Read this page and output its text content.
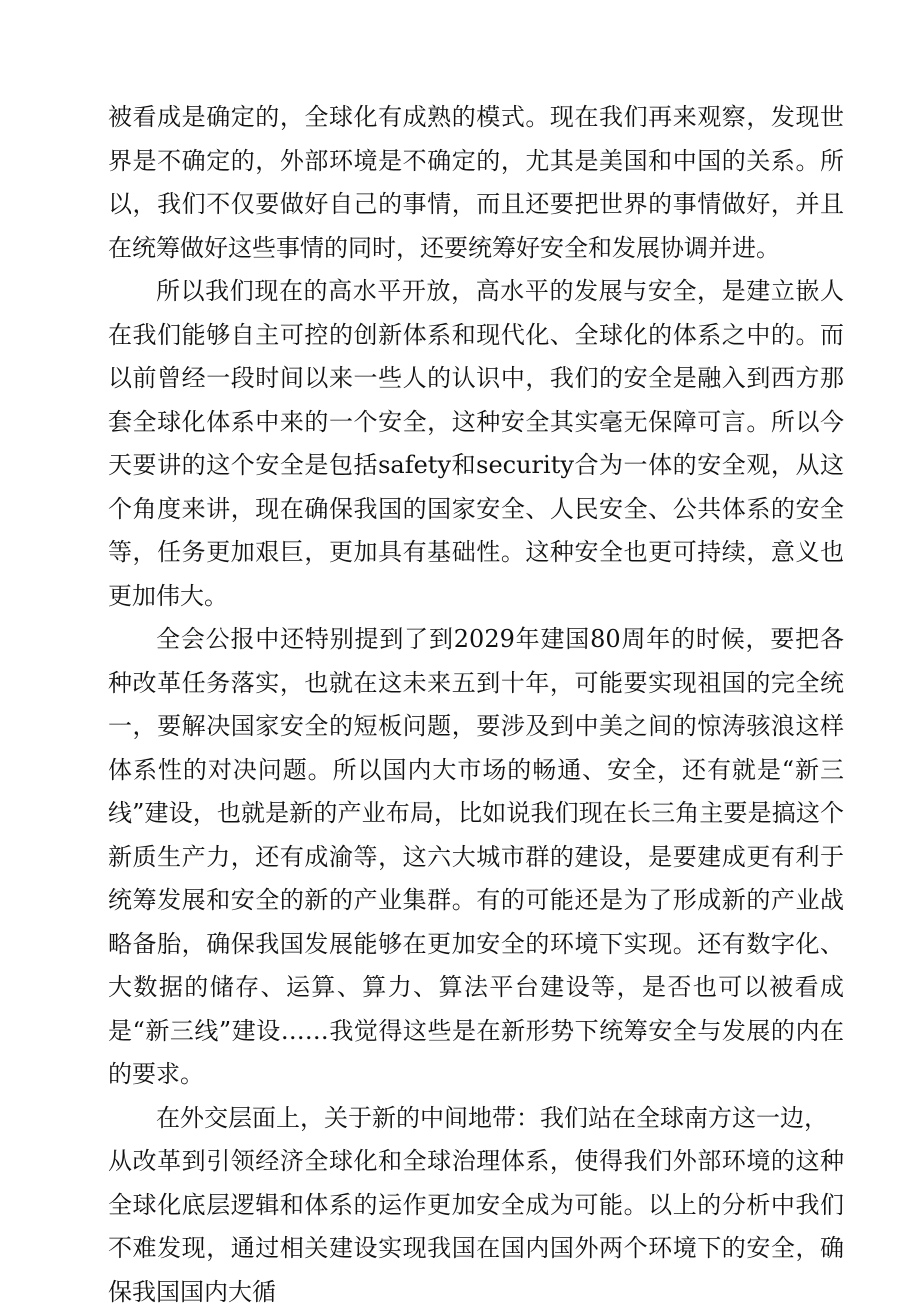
被看成是确定的，全球化有成熟的模式。现在我们再来观察，发现世界是不确定的，外部环境是不确定的，尤其是美国和中国的关系。所以，我们不仅要做好自己的事情，而且还要把世界的事情做好，并且在统筹做好这些事情的同时，还要统筹好安全和发展协调并进。

所以我们现在的高水平开放，高水平的发展与安全，是建立嵌人在我们能够自主可控的创新体系和现代化、全球化的体系之中的。而以前曾经一段时间以来一些人的认识中，我们的安全是融入到西方那套全球化体系中来的一个安全，这种安全其实毫无保障可言。所以今天要讲的这个安全是包括safety和security合为一体的安全观，从这个角度来讲，现在确保我国的国家安全、人民安全、公共体系的安全等，任务更加艰巨，更加具有基础性。这种安全也更可持续，意义也更加伟大。

全会公报中还特别提到了到2029年建国80周年的时候，要把各种改革任务落实，也就在这未来五到十年，可能要实现祖国的完全统一，要解决国家安全的短板问题，要涉及到中美之间的惊涛骇浪这样体系性的对决问题。所以国内大市场的畅通、安全，还有就是“新三线”建设，也就是新的产业布局，比如说我们现在长三角主要是搞这个新质生产力，还有成渝等，这六大城市群的建设，是要建成更有利于统筹发展和安全的新的产业集群。有的可能还是为了形成新的产业战略备胎，确保我国发展能够在更加安全的环境下实现。还有数字化、大数据的储存、运算、算力、算法平台建设等，是否也可以被看成是“新三线”建设……我觉得这些是在新形势下统筹安全与发展的内在的要求。

在外交层面上，关于新的中间地带：我们站在全球南方这一边，
从改革到引领经济全球化和全球治理体系，使得我们外部环境的这种全球化底层逻辑和体系的运作更加安全成为可能。以上的分析中我们不难发现，通过相关建设实现我国在国内国外两个环境下的安全，确保我国国内大循
